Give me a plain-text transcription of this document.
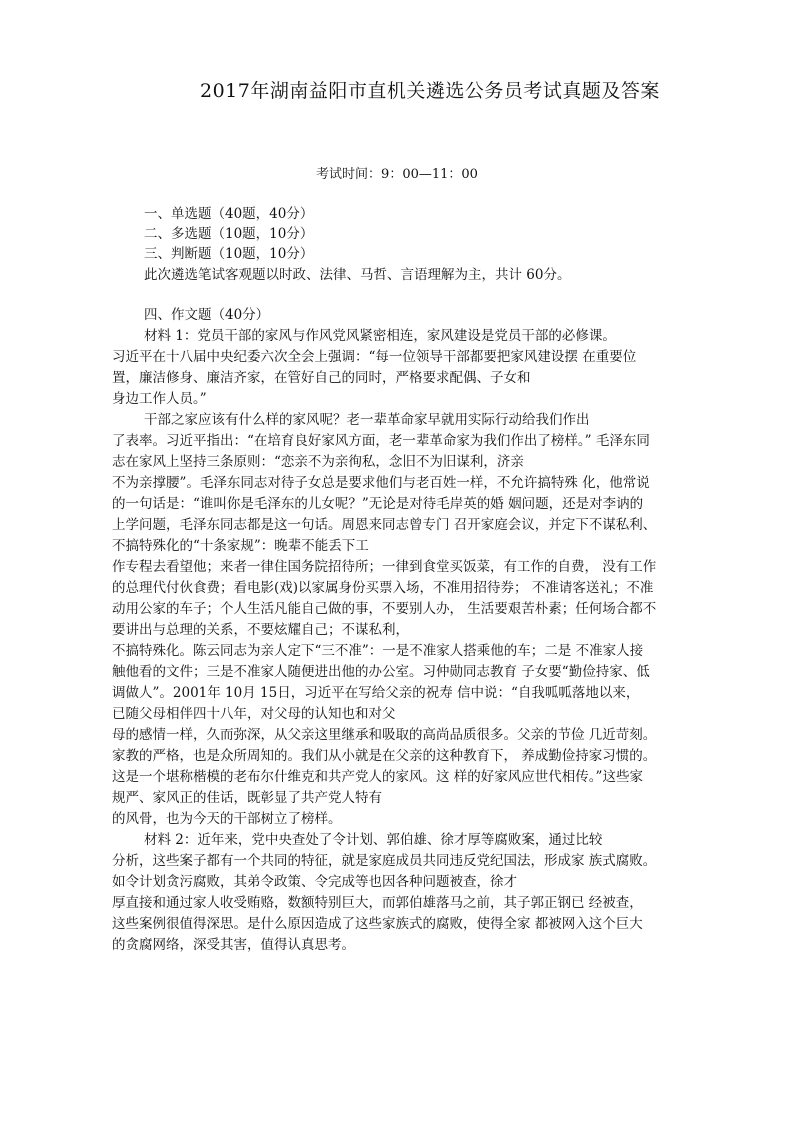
2017年湖南益阳市直机关遴选公务员考试真题及答案
考试时间：9：00—11：00
一、单选题（40题，40分）
二、多选题（10题，10分）
三、判断题（10题，10分）
此次遴选笔试客观题以时政、法律、马哲、言语理解为主，共计 60分。
四、作文题（40分）
材料 1：党员干部的家风与作风党风紧密相连，家风建设是党员干部的必修课。
习近平在十八届中央纪委六次全会上强调：“每一位领导干部都要把家风建设摆 在重要位
置，廉洁修身、廉洁齐家，在管好自己的同时，严格要求配偶、子女和
身边工作人员。”
干部之家应该有什么样的家风呢？老一辈革命家早就用实际行动给我们作出
了表率。习近平指出：“在培育良好家风方面，老一辈革命家为我们作出了榜样。” 毛泽东同
志在家风上坚持三条原则：“恋亲不为亲徇私，念旧不为旧谋利，济亲
不为亲撑腰”。毛泽东同志对待子女总是要求他们与老百姓一样，不允许搞特殊 化，他常说
的一句话是：“谁叫你是毛泽东的儿女呢？”无论是对待毛岸英的婚 姻问题，还是对李讷的
上学问题，毛泽东同志都是这一句话。周恩来同志曾专门 召开家庭会议，并定下不谋私利、
不搞特殊化的“十条家规”：晚辈不能丢下工
作专程去看望他；来者一律住国务院招待所；一律到食堂买饭菜，有工作的自费， 没有工作
的总理代付伙食费；看电影(戏)以家属身份买票入场，不准用招待券； 不准请客送礼；不准
动用公家的车子；个人生活凡能自己做的事，不要别人办， 生活要艰苦朴素；任何场合都不
要讲出与总理的关系，不要炫耀自己；不谋私利，
不搞特殊化。陈云同志为亲人定下“三不准”：一是不准家人搭乘他的车；二是 不准家人接
触他看的文件；三是不准家人随便进出他的办公室。习仲勋同志教育 子女要“勤俭持家、低
调做人”。2001年 10月 15日，习近平在写给父亲的祝寿 信中说：“自我呱呱落地以来，
已随父母相伴四十八年，对父母的认知也和对父
母的感情一样，久而弥深，从父亲这里继承和吸取的高尚品质很多。父亲的节俭 几近苛刻。
家教的严格，也是众所周知的。我们从小就是在父亲的这种教育下， 养成勤俭持家习惯的。
这是一个堪称楷模的老布尔什维克和共产党人的家风。这 样的好家风应世代相传。”这些家
规严、家风正的佳话，既彰显了共产党人特有
的风骨，也为今天的干部树立了榜样。
材料 2：近年来，党中央查处了令计划、郭伯雄、徐才厚等腐败案，通过比较
分析，这些案子都有一个共同的特征，就是家庭成员共同违反党纪国法，形成家 族式腐败。
如令计划贪污腐败，其弟令政策、令完成等也因各种问题被查，徐才
厚直接和通过家人收受贿赂，数额特别巨大，而郭伯雄落马之前，其子郭正钢已 经被查，
这些案例很值得深思。是什么原因造成了这些家族式的腐败，使得全家 都被网入这个巨大
的贪腐网络，深受其害，值得认真思考。
